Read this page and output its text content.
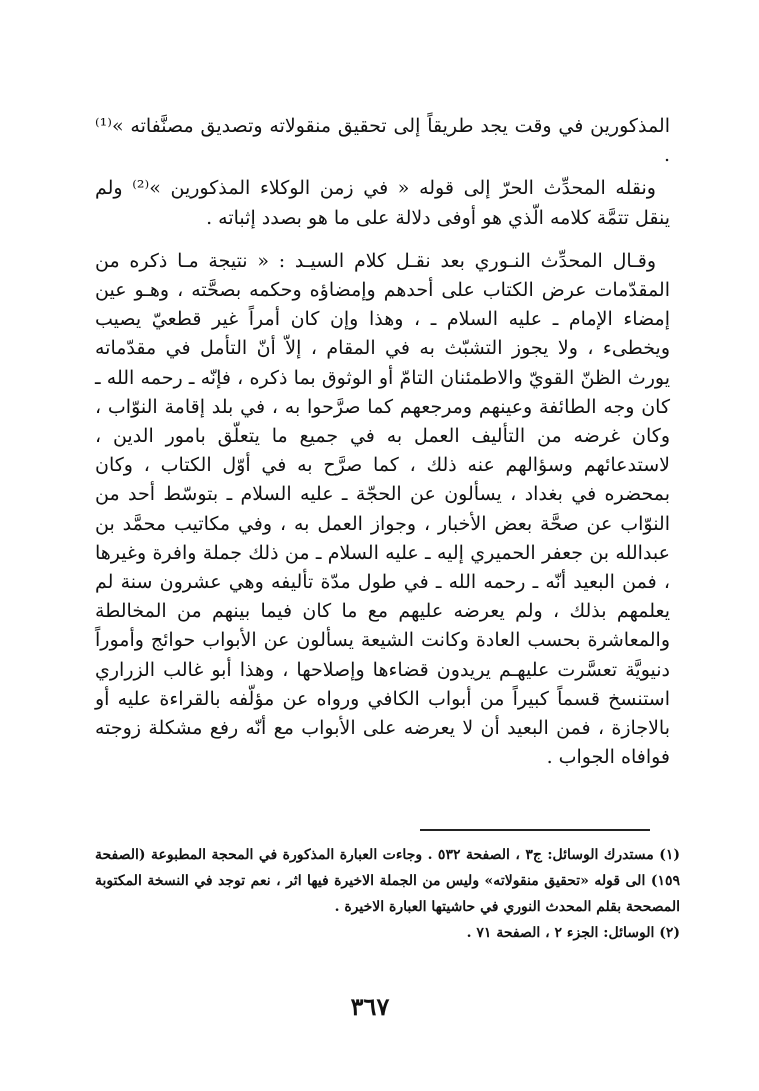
المذكورين في وقت يجد طريقاً إلى تحقيق منقولاته وتصديق مصنَّفاته »⁽¹⁾ .

ونقله المحدِّث الحرّ إلى قوله « في زمن الوكلاء المذكورين »⁽²⁾ ولم ينقل تتمَّة كلامه الّذي هو أوفى دلالة على ما هو بصدد إثباته .

وقـال المحدِّث النـوري بعد نقـل كلام السيـد : « نتيجة مـا ذكره من المقدّمات عرض الكتاب على أحدهم وإمضاؤه وحكمه بصحَّته ، وهـو عين إمضاء الإمام ـ عليه السلام ـ ، وهذا وإن كان أمراً غير قطعيّ يصيب ويخطىء ، ولا يجوز التشبّث به في المقام ، إلاّ أنّ التأمل في مقدّماته يورث الظنّ القويّ والاطمئنان التامّ أو الوثوق بما ذكره ، فإنّه ـ رحمه الله ـ كان وجه الطائفة وعينهم ومرجعهم كما صرَّحوا به ، في بلد إقامة النوّاب ، وكان غرضه من التأليف العمل به في جميع ما يتعلّق بامور الدين ، لاستدعائهم وسؤالهم عنه ذلك ، كما صرَّح به في أوّل الكتاب ، وكان بمحضره في بغداد ، يسألون عن الحجّة ـ عليه السلام ـ بتوسّط أحد من النوّاب عن صحَّة بعض الأخبار ، وجواز العمل به ، وفي مكاتيب محمَّد بن عبدالله بن جعفر الحميري إليه ـ عليه السلام ـ من ذلك جملة وافرة وغيرها ، فمن البعيد أنّه ـ رحمه الله ـ في طول مدّة تأليفه وهي عشرون سنة لم يعلمهم بذلك ، ولم يعرضه عليهم مع ما كان فيما بينهم من المخالطة والمعاشرة بحسب العادة وكانت الشيعة يسألون عن الأبواب حوائج وأموراً دنيويَّة تعسَّرت عليهـم يريدون قضاءها وإصلاحها ، وهذا أبو غالب الزراري استنسخ قسماً كبيراً من أبواب الكافي ورواه عن مؤلّفه بالقراءة عليه أو بالاجازة ، فمن البعيد أن لا يعرضه على الأبواب مع أنّه رفع مشكلة زوجته فوافاه الجواب .

(١) مستدرك الوسائل: ج٣ ، الصفحة ٥٣٢ . وجاءت العبارة المذكورة في المحجة المطبوعة (الصفحة ١٥٩) الى قوله «تحقيق منقولاته» وليس من الجملة الاخيرة فيها اثر ، نعم توجد في النسخة المكتوبة المصححة بقلم المحدث النوري في حاشيتها العبارة الاخيرة .

(٢) الوسائل: الجزء ٢ ، الصفحة ٧١ .

٣٦٧
